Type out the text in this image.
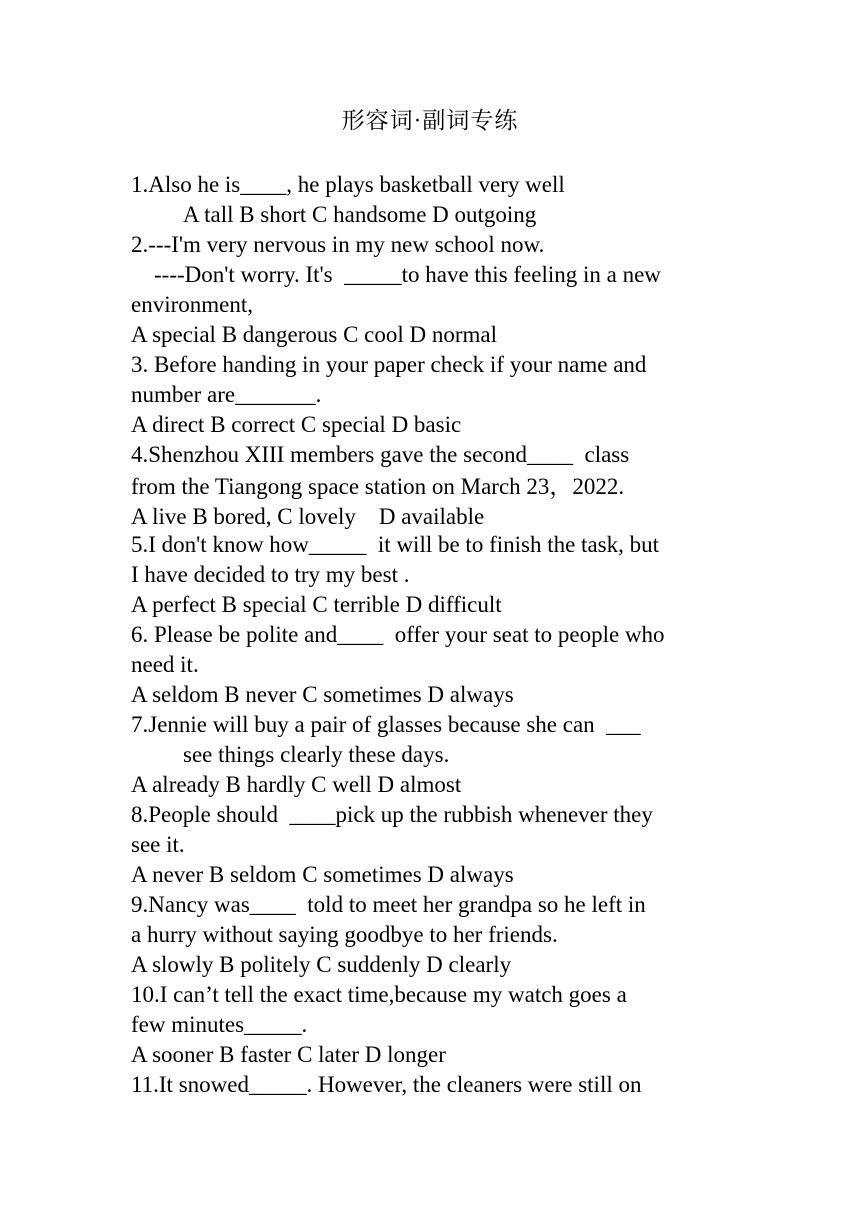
形容词·副词专练
1.Also he is____, he plays basketball very well
A tall B short C handsome D outgoing
2.---I'm very nervous in my new school now.
----Don't worry. It's  _____to have this feeling in a new
environment,
A special B dangerous C cool D normal
3. Before handing in your paper check if your name and
number are_______.
A direct B correct C special D basic
4.Shenzhou XIII members gave the second____  class
from the Tiangong space station on March 23，2022.
A live B bored, C lovely    D available
5.I don't know how_____  it will be to finish the task, but
I have decided to try my best .
A perfect B special C terrible D difficult
6. Please be polite and____  offer your seat to people who
need it.
A seldom B never C sometimes D always
7.Jennie will buy a pair of glasses because she can  ___
see things clearly these days.
A already B hardly C well D almost
8.People should  ____pick up the rubbish whenever they
see it.
A never B seldom C sometimes D always
9.Nancy was____  told to meet her grandpa so he left in
a hurry without saying goodbye to her friends.
A slowly B politely C suddenly D clearly
10.I can’t tell the exact time,because my watch goes a
few minutes_____.
A sooner B faster C later D longer
11.It snowed_____. However, the cleaners were still on
